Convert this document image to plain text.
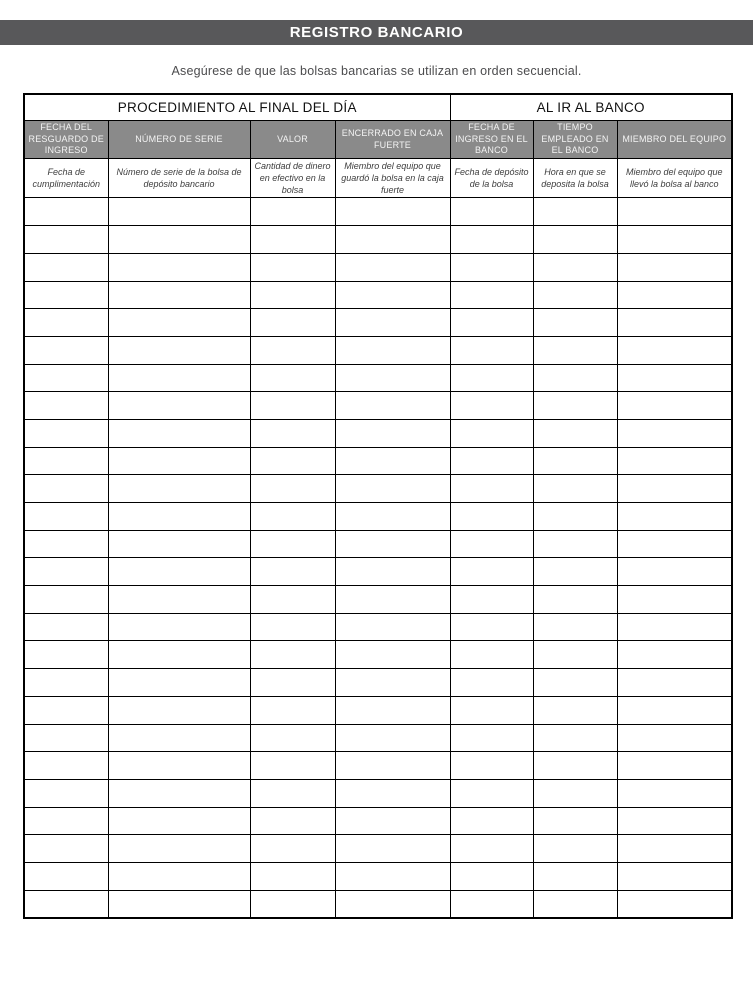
REGISTRO BANCARIO
Asegúrese de que las bolsas bancarias se utilizan en orden secuencial.
PROCEDIMIENTO AL FINAL DEL DÍA				AL IR AL BANCO		
FECHA DEL RESGUARDO DE INGRESO	NÚMERO DE SERIE	VALOR	ENCERRADO EN CAJA FUERTE	FECHA DE INGRESO EN EL BANCO	TIEMPO EMPLEADO EN EL BANCO	MIEMBRO DEL EQUIPO
Fecha de cumplimentación	Número de serie de la bolsa de depósito bancario	Cantidad de dinero en efectivo en la bolsa	Miembro del equipo que guardó la bolsa en la caja fuerte	Fecha de depósito de la bolsa	Hora en que se deposita la bolsa	Miembro del equipo que llevó la bolsa al banco
